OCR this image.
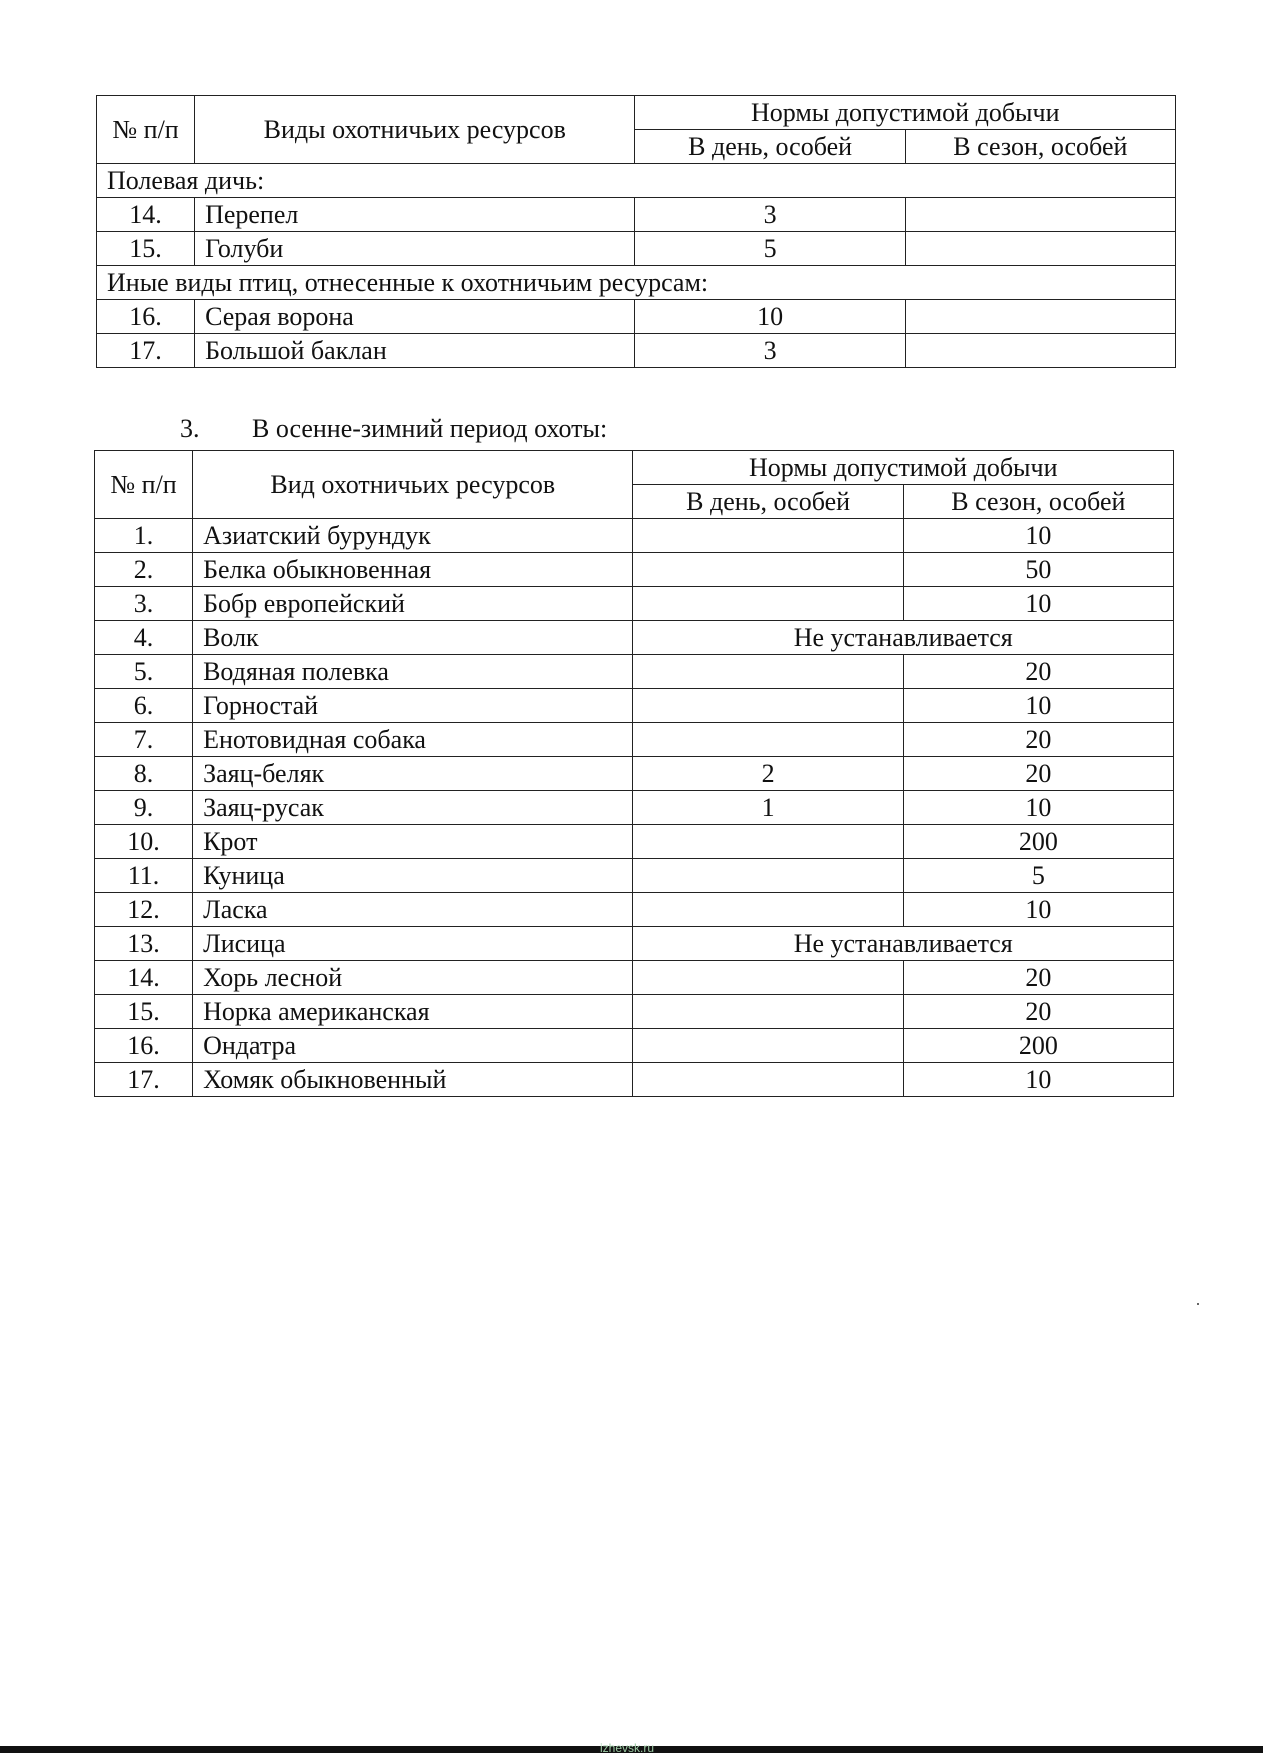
№ п/п	Виды охотничьих ресурсов	Нормы допустимой добычи	
		В день, особей	В сезон, особей
Полевая дичь:			
14.	Перепел	3	
15.	Голуби	5	
Иные виды птиц, отнесенные к охотничьим ресурсам:			
16.	Серая ворона	10	
17.	Большой баклан	3	
3. В осенне-зимний период охоты:
№ п/п	Вид охотничьих ресурсов	Нормы допустимой добычи	
		В день, особей	В сезон, особей
1.	Азиатский бурундук		10
2.	Белка обыкновенная		50
3.	Бобр европейский		10
4.	Волк	Не устанавливается	
5.	Водяная полевка		20
6.	Горностай		10
7.	Енотовидная собака		20
8.	Заяц-беляк	2	20
9.	Заяц-русак	1	10
10.	Крот		200
11.	Куница		5
12.	Ласка		10
13.	Лисица	Не устанавливается	
14.	Хорь лесной		20
15.	Норка американская		20
16.	Ондатра		200
17.	Хомяк обыкновенный		10
izhevsk.ru
